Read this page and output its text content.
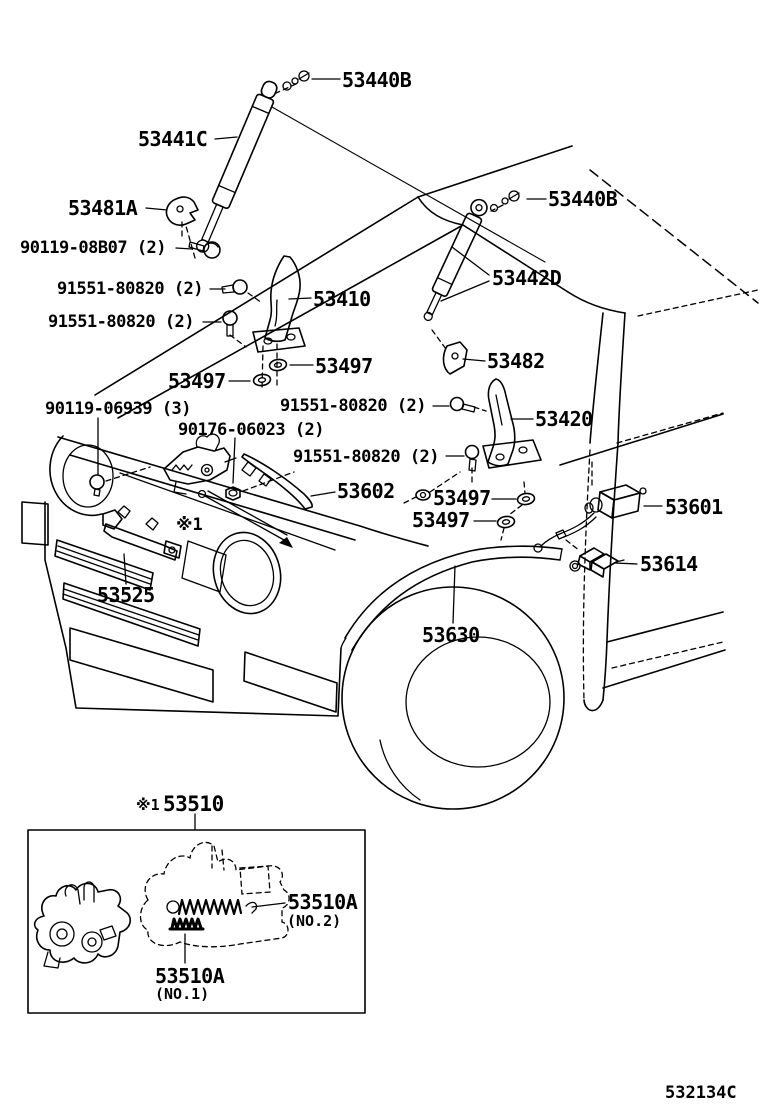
53440B
53441C
53481A
90119-08B07 (2)
91551-80820 (2)	53410
91551-80820 (2)
53440B
53442D
53482
53497
53497
90119-06939 (3)	91551-80820 (2)
90176-06023 (2)	53420
91551-80820 (2)
53602 53497
53497
53601
53614
53525
53630
※1
※1 53510
53510A
(NO.2)
53510A
(NO.1)
532134C
